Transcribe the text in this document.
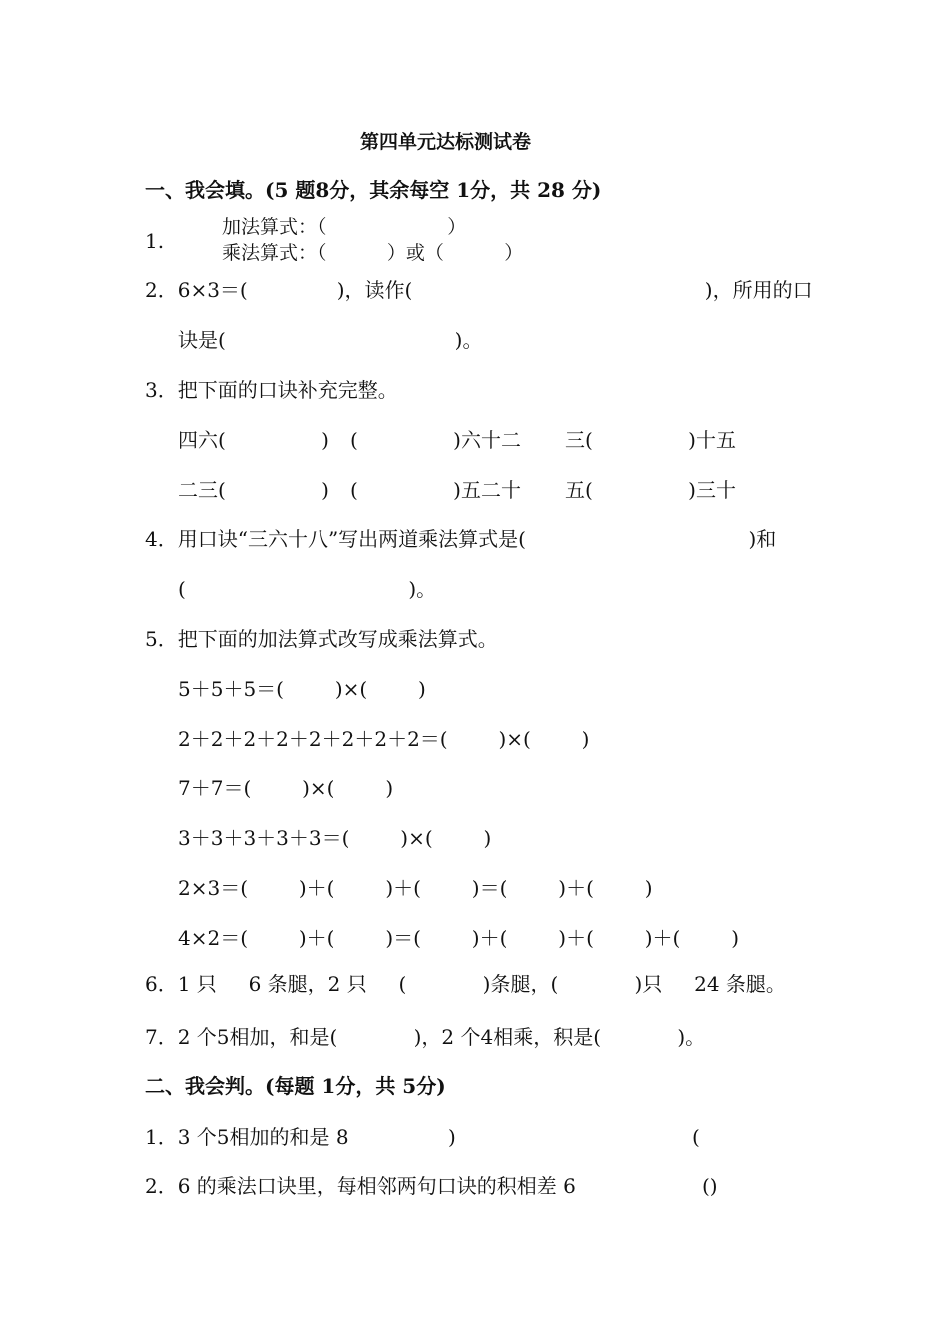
第四单元达标测试卷
一、我会填。(5 题8分，其余每空 1分，共 28 分)
1.
加法算式：（                    ）
乘法算式：（          ）或（          ）
2．6×3＝(              )，读作(                                              )，所用的口
诀是(                                    )。
3．把下面的口诀补充完整。
四六(               ) (               )六十二 三(               )十五
二三(               ) (               )五二十 五(               )三十
4．用口诀“三六十八”写出两道乘法算式是(                                   )和
(                                   )。
5．把下面的加法算式改写成乘法算式。
5＋5＋5＝(        )×(        )
2＋2＋2＋2＋2＋2＋2＋2＝(        )×(        )
7＋7＝(        )×(        )
3＋3＋3＋3＋3＝(        )×(        )
2×3＝(        )＋(        )＋(        )＝(        )＋(        )
4×2＝(        )＋(        )＝(        )＋(        )＋(        )＋(        )
6．1 只     6 条腿，2 只     (            )条腿，(            )只     24 条腿。
7．2 个5相加，和是(            )，2 个4相乘，积是(            )。
二、我会判。(每题 1分，共 5分)
1．3 个5相加的和是 8	)	(
2．6 的乘法口诀里，每相邻两句口诀的积相差 6	()
